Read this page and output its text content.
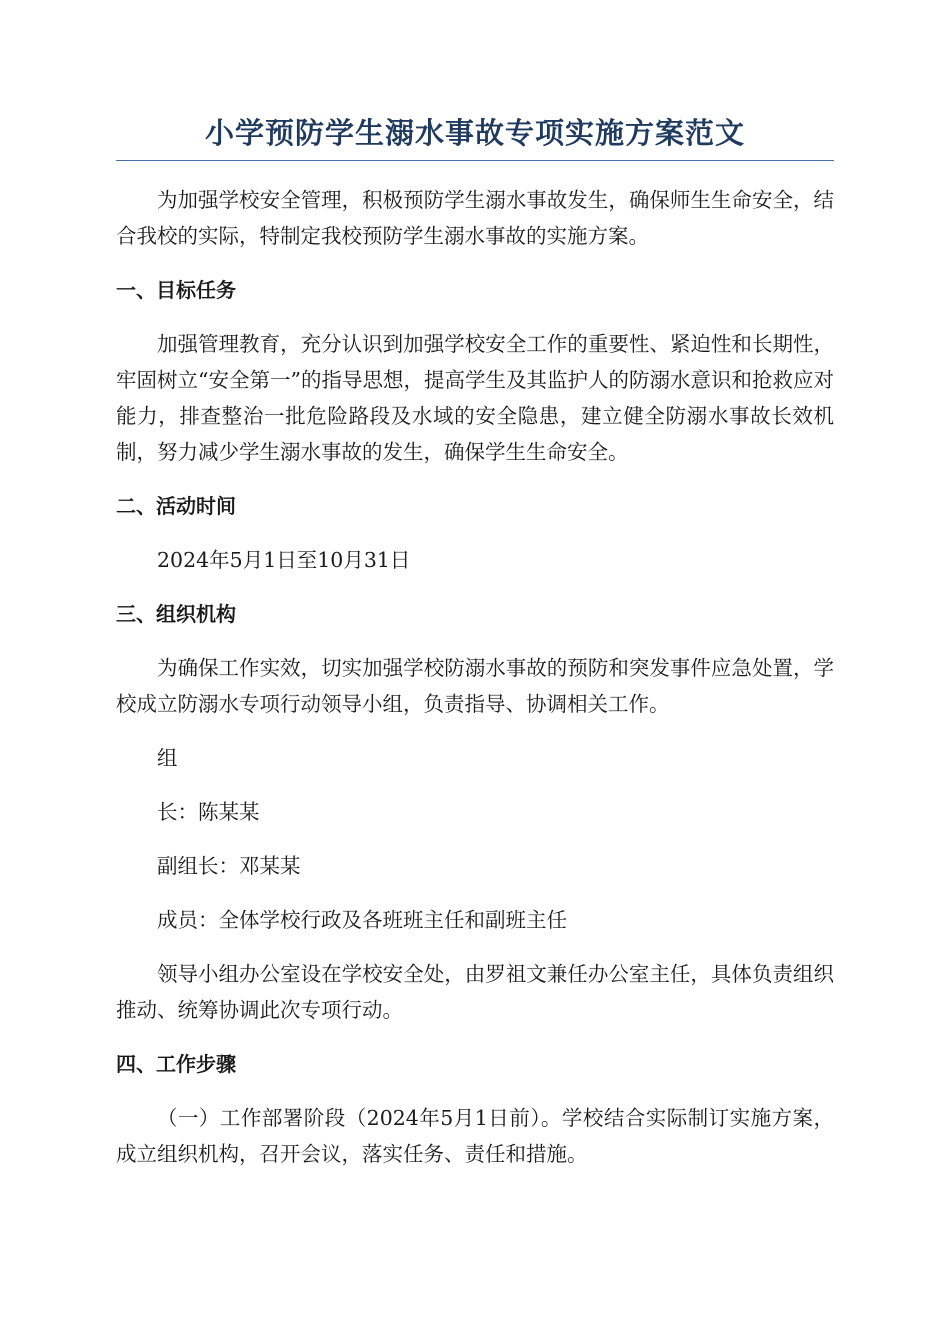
小学预防学生溺水事故专项实施方案范文

为加强学校安全管理，积极预防学生溺水事故发生，确保师生生命安全，结合我校的实际，特制定我校预防学生溺水事故的实施方案。

一、目标任务

加强管理教育，充分认识到加强学校安全工作的重要性、紧迫性和长期性，牢固树立“安全第一”的指导思想，提高学生及其监护人的防溺水意识和抢救应对能力，排查整治一批危险路段及水域的安全隐患，建立健全防溺水事故长效机制，努力减少学生溺水事故的发生，确保学生生命安全。

二、活动时间

2024年5月1日至10月31日

三、组织机构

为确保工作实效，切实加强学校防溺水事故的预防和突发事件应急处置，学校成立防溺水专项行动领导小组，负责指导、协调相关工作。

组

长：陈某某

副组长：邓某某

成员：全体学校行政及各班班主任和副班主任

领导小组办公室设在学校安全处，由罗祖文兼任办公室主任，具体负责组织推动、统筹协调此次专项行动。

四、工作步骤

（一）工作部署阶段（2024年5月1日前）。学校结合实际制订实施方案，成立组织机构，召开会议，落实任务、责任和措施。
